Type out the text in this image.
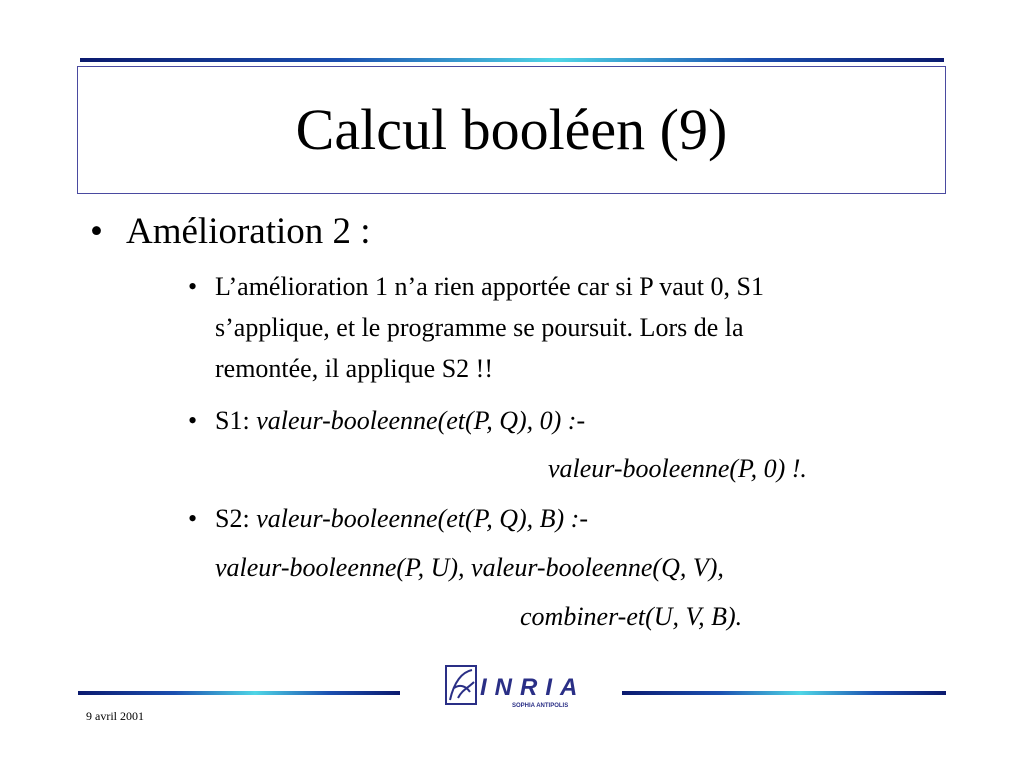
Calcul booléen (9)
• Amélioration 2 :
• L’amélioration 1 n’a rien apportée car si P vaut 0, S1
s’applique, et le programme se poursuit. Lors de la
remontée, il applique S2 !!
• S1: valeur-booleenne(et(P, Q), 0) :-
valeur-booleenne(P, 0) !.
• S2: valeur-booleenne(et(P, Q), B) :-
valeur-booleenne(P, U), valeur-booleenne(Q, V),
combiner-et(U, V, B).
INRIA
SOPHIA ANTIPOLIS
9 avril 2001
